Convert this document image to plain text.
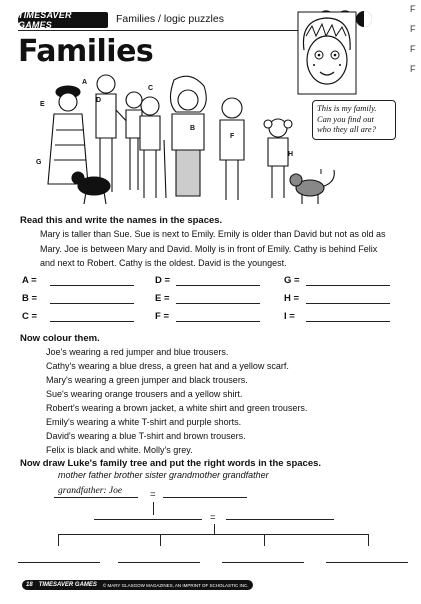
TIMESAVER GAMES	Families / logic puzzles
Families
This is my family.
Can you find out
who they all are?
A
B
C
D
E
F
G
H
I
Read this and write the names in the spaces.
Mary is taller than Sue. Sue is next to Emily. Emily is older than David but not as old as
Mary. Joe is between Mary and David. Molly is in front of Emily. Cathy is behind Felix
and next to Robert. Cathy is the oldest. David is the youngest.
A =	D =	G =
B =	E =	H =
C =	F =	I =
Now colour them.
Joe's wearing a red jumper and blue trousers.
Cathy's wearing a blue dress, a green hat and a yellow scarf.
Mary's wearing a green jumper and black trousers.
Sue's wearing orange trousers and a yellow shirt.
Robert's wearing a brown jacket, a white shirt and green trousers.
Emily's wearing a white T-shirt and purple shorts.
David's wearing a blue T-shirt and brown trousers.
Felix is black and white. Molly's grey.
Now draw Luke's family tree and put the right words in the spaces.
mother father brother sister grandmother grandfather
grandfather: Joe	=
=
18 TIMESAVER GAMES © MARY GLASGOW MAGAZINES, AN IMPRINT OF SCHOLASTIC INC.
F
F
F
F
